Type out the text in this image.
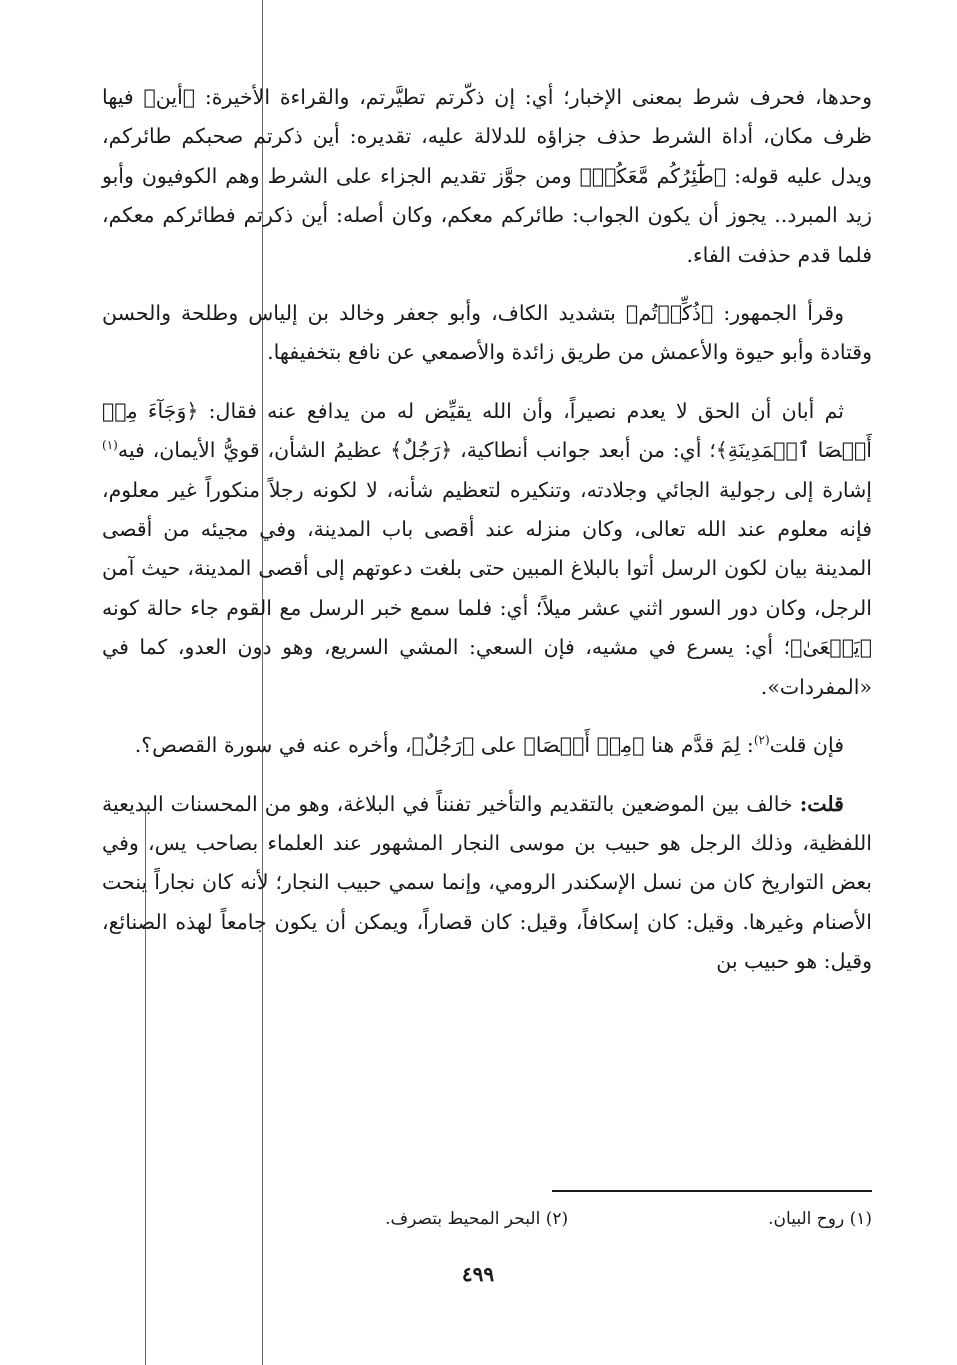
وحدها، فحرف شرط بمعنى الإخبار؛ أي: إن ذكّرتم تطيَّرتم، والقراءة الأخيرة: ﴿أين﴾ فيها ظرف مكان، أداة الشرط حذف جزاؤه للدلالة عليه، تقديره: أين ذكرتم صحبكم طائركم، ويدل عليه قوله: ﴿طَٰٓئِرُكُم مَّعَكُمۡ﴾ ومن جوَّز تقديم الجزاء على الشرط وهم الكوفيون وأبو زيد المبرد.. يجوز أن يكون الجواب: طائركم معكم، وكان أصله: أين ذكرتم فطائركم معكم، فلما قدم حذفت الفاء.

وقرأ الجمهور: ﴿ذُكِّرۡتُم﴾ بتشديد الكاف، وأبو جعفر وخالد بن إلياس وطلحة والحسن وقتادة وأبو حيوة والأعمش من طريق زائدة والأصمعي عن نافع بتخفيفها.

ثم أبان أن الحق لا يعدم نصيراً، وأن الله يقيِّض له من يدافع عنه فقال: ﴿وَجَآءَ مِنۡ أَقۡصَا ٱلۡمَدِينَةِ﴾؛ أي: من أبعد جوانب أنطاكية، ﴿رَجُلٌ﴾ عظيمُ الشأن، قويُّ الأيمان، فيه$^{(١)}$ إشارة إلى رجولية الجائي وجلادته، وتنكيره لتعظيم شأنه، لا لكونه رجلاً منكوراً غير معلوم، فإنه معلوم عند الله تعالى، وكان منزله عند أقصى باب المدينة، وفي مجيئه من أقصى المدينة بيان لكون الرسل أتوا بالبلاغ المبين حتى بلغت دعوتهم إلى أقصى المدينة، حيث آمن الرجل، وكان دور السور اثني عشر ميلاً؛ أي: فلما سمع خبر الرسل مع القوم جاء حالة كونه ﴿يَسۡعَىٰ﴾؛ أي: يسرع في مشيه، فإن السعي: المشي السريع، وهو دون العدو، كما في «المفردات».

فإن قلت$^{(٢)}$: لِمَ قدَّم هنا ﴿مِنۡ أَقۡصَا﴾ على ﴿رَجُلٌ﴾، وأخره عنه في سورة القصص؟.

قلت: خالف بين الموضعين بالتقديم والتأخير تفنناً في البلاغة، وهو من المحسنات البديعية اللفظية، وذلك الرجل هو حبيب بن موسى النجار المشهور عند العلماء بصاحب يس، وفي بعض التواريخ كان من نسل الإسكندر الرومي، وإنما سمي حبيب النجار؛ لأنه كان نجاراً ينحت الأصنام وغيرها. وقيل: كان إسكافاً، وقيل: كان قصاراً، ويمكن أن يكون جامعاً لهذه الصنائع، وقيل: هو حبيب بن

(١) روح البيان.
(٢) البحر المحيط بتصرف.
٤٩٩
